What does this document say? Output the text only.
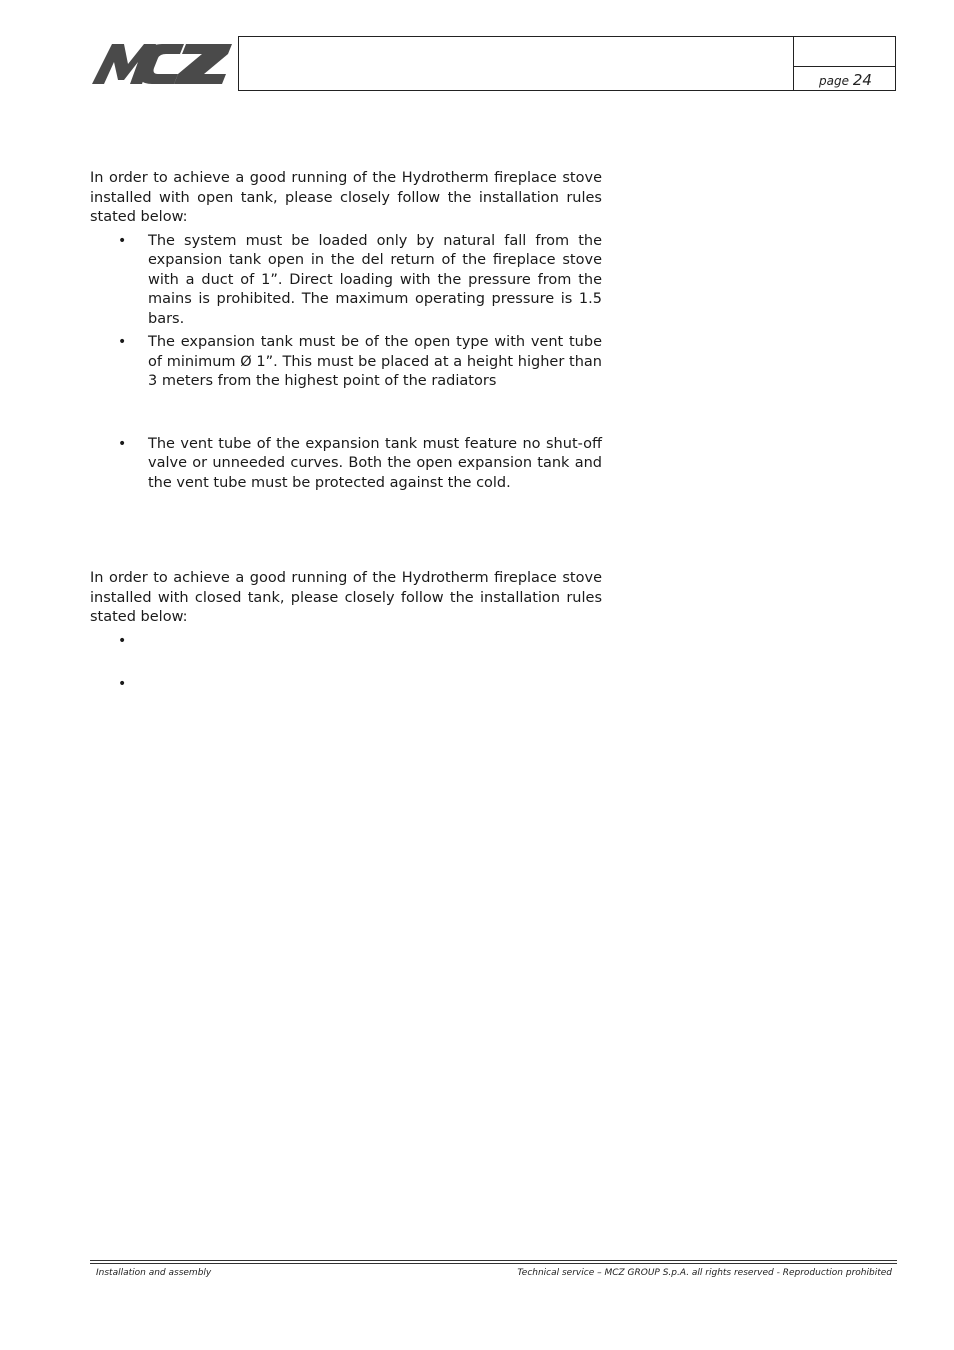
page 24

In order to achieve a good running of the Hydrotherm fireplace stove installed with open tank, please closely follow the installation rules stated below:

• The system must be loaded only by natural fall from the expansion tank open in the del return of the fireplace stove with a duct of 1”. Direct loading with the pressure from the mains is prohibited. The maximum operating pressure is 1.5 bars.
• The expansion tank must be of the open type with vent tube of minimum Ø 1”. This must be placed at a height higher than 3 meters from the highest point of the radiators
• The vent tube of the expansion tank must feature no shut-off valve or unneeded curves. Both the open expansion tank and the vent tube must be protected against the cold.

In order to achieve a good running of the Hydrotherm fireplace stove installed with closed tank, please closely follow the installation rules stated below:

•
•
Installation and assembly	Technical service – MCZ GROUP S.p.A. all rights reserved - Reproduction prohibited
